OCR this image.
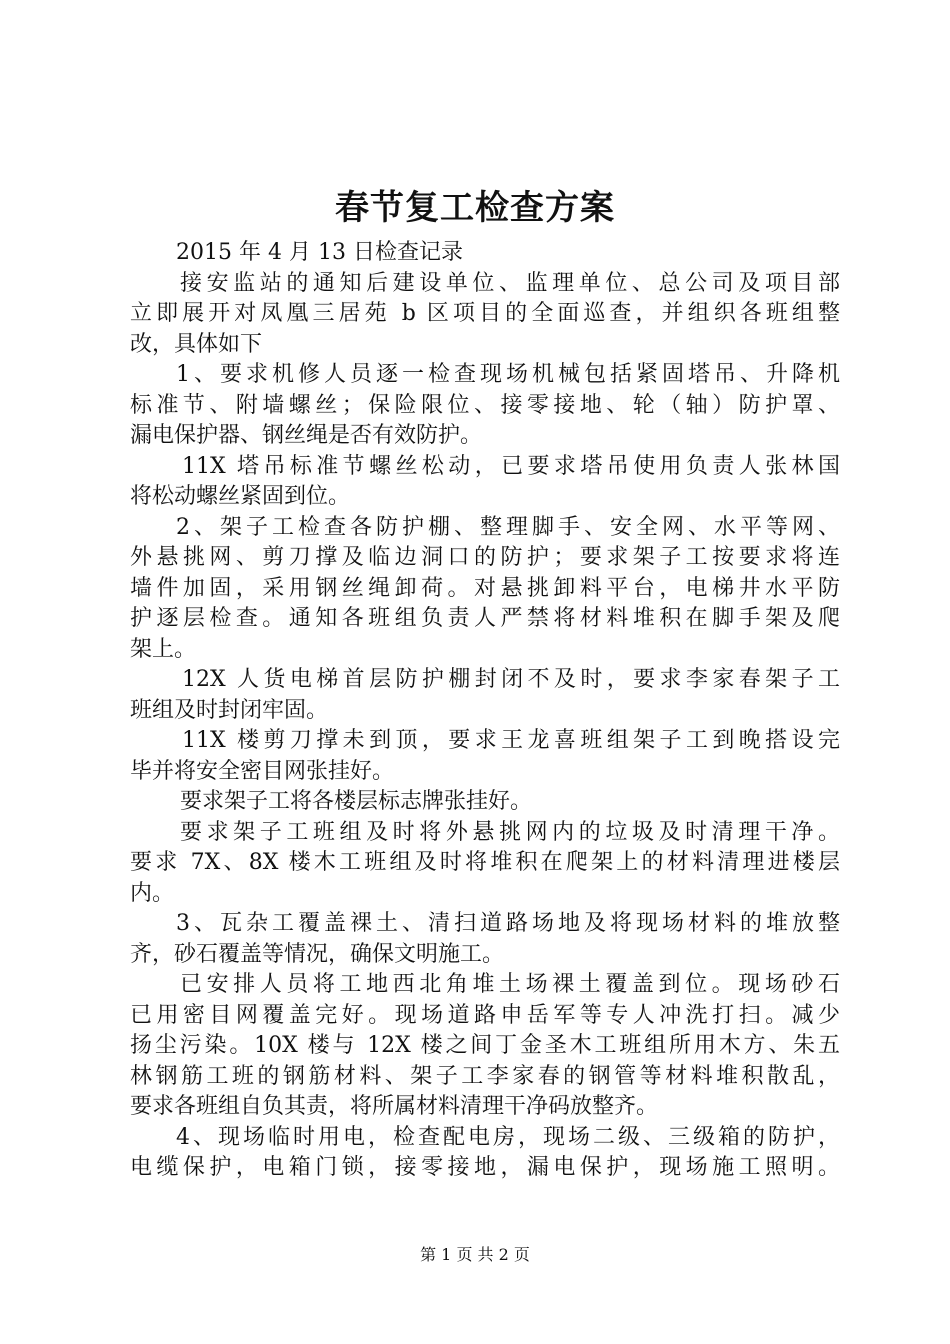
春节复工检查方案
2015 年 4 月 13 日检查记录
接安监站的通知后建设单位、监理单位、总公司及项目部
立即展开对凤凰三居苑 b 区项目的全面巡查，并组织各班组整
改，具体如下
1、要求机修人员逐一检查现场机械包括紧固塔吊、升降机
标准节、附墙螺丝；保险限位、接零接地、轮（轴）防护罩、
漏电保护器、钢丝绳是否有效防护。
11X 塔吊标准节螺丝松动，已要求塔吊使用负责人张林国
将松动螺丝紧固到位。
2、架子工检查各防护棚、整理脚手、安全网、水平等网、
外悬挑网、剪刀撑及临边洞口的防护；要求架子工按要求将连
墙件加固，采用钢丝绳卸荷。对悬挑卸料平台，电梯井水平防
护逐层检查。通知各班组负责人严禁将材料堆积在脚手架及爬
架上。
12X 人货电梯首层防护棚封闭不及时，要求李家春架子工
班组及时封闭牢固。
11X 楼剪刀撑未到顶，要求王龙喜班组架子工到晚搭设完
毕并将安全密目网张挂好。
要求架子工将各楼层标志牌张挂好。
要求架子工班组及时将外悬挑网内的垃圾及时清理干净。
要求 7X、8X 楼木工班组及时将堆积在爬架上的材料清理进楼层
内。
3、瓦杂工覆盖裸土、清扫道路场地及将现场材料的堆放整
齐，砂石覆盖等情况，确保文明施工。
已安排人员将工地西北角堆土场裸土覆盖到位。现场砂石
已用密目网覆盖完好。现场道路申岳军等专人冲洗打扫。减少
扬尘污染。10X 楼与 12X 楼之间丁金圣木工班组所用木方、朱五
林钢筋工班的钢筋材料、架子工李家春的钢管等材料堆积散乱，
要求各班组自负其责，将所属材料清理干净码放整齐。
4、现场临时用电，检查配电房，现场二级、三级箱的防护，
电缆保护，电箱门锁，接零接地，漏电保护，现场施工照明。
第 1 页 共 2 页
